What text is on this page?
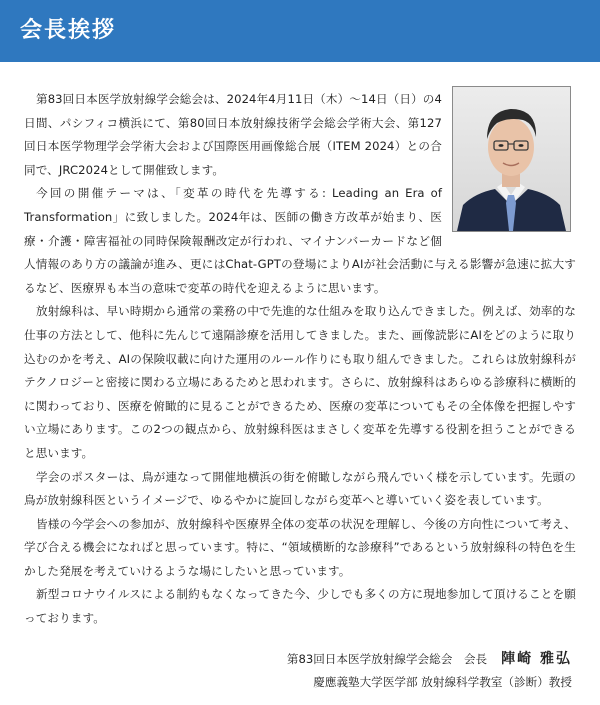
会長挨拶

第83回日本医学放射線学会総会は、2024年4月11日（木）〜14日（日）の4日間、パシフィコ横浜にて、第80回日本放射線技術学会総会学術大会、第127回日本医学物理学会学術大会および国際医用画像総合展（ITEM 2024）との合同で、JRC2024として開催致します。

今回の開催テーマは、「変革の時代を先導する: Leading an Era of Transformation」に致しました。2024年は、医師の働き方改革が始まり、医療・介護・障害福祉の同時保険報酬改定が行われ、マイナンバーカードなど個人情報のあり方の議論が進み、更にはChat-GPTの登場によりAIが社会活動に与える影響が急速に拡大するなど、医療界も本当の意味で変革の時代を迎えるように思います。

放射線科は、早い時期から通常の業務の中で先進的な仕組みを取り込んできました。例えば、効率的な仕事の方法として、他科に先んじて遠隔診療を活用してきました。また、画像読影にAIをどのように取り込むのかを考え、AIの保険収載に向けた運用のルール作りにも取り組んできました。これらは放射線科がテクノロジーと密接に関わる立場にあるためと思われます。さらに、放射線科はあらゆる診療科に横断的に関わっており、医療を俯瞰的に見ることができるため、医療の変革についてもその全体像を把握しやすい立場にあります。この2つの観点から、放射線科医はまさしく変革を先導する役割を担うことができると思います。

学会のポスターは、鳥が連なって開催地横浜の街を俯瞰しながら飛んでいく様を示しています。先頭の鳥が放射線科医というイメージで、ゆるやかに旋回しながら変革へと導いていく姿を表しています。

皆様の今学会への参加が、放射線科や医療界全体の変革の状況を理解し、今後の方向性について考え、学び合える機会になればと思っています。特に、“領域横断的な診療科”であるという放射線科の特色を生かした発展を考えていけるような場にしたいと思っています。

新型コロナウイルスによる制約もなくなってきた今、少しでも多くの方に現地参加して頂けることを願っております。

第83回日本医学放射線学会総会　会長 陣崎 雅弘
慶應義塾大学医学部 放射線科学教室（診断）教授
